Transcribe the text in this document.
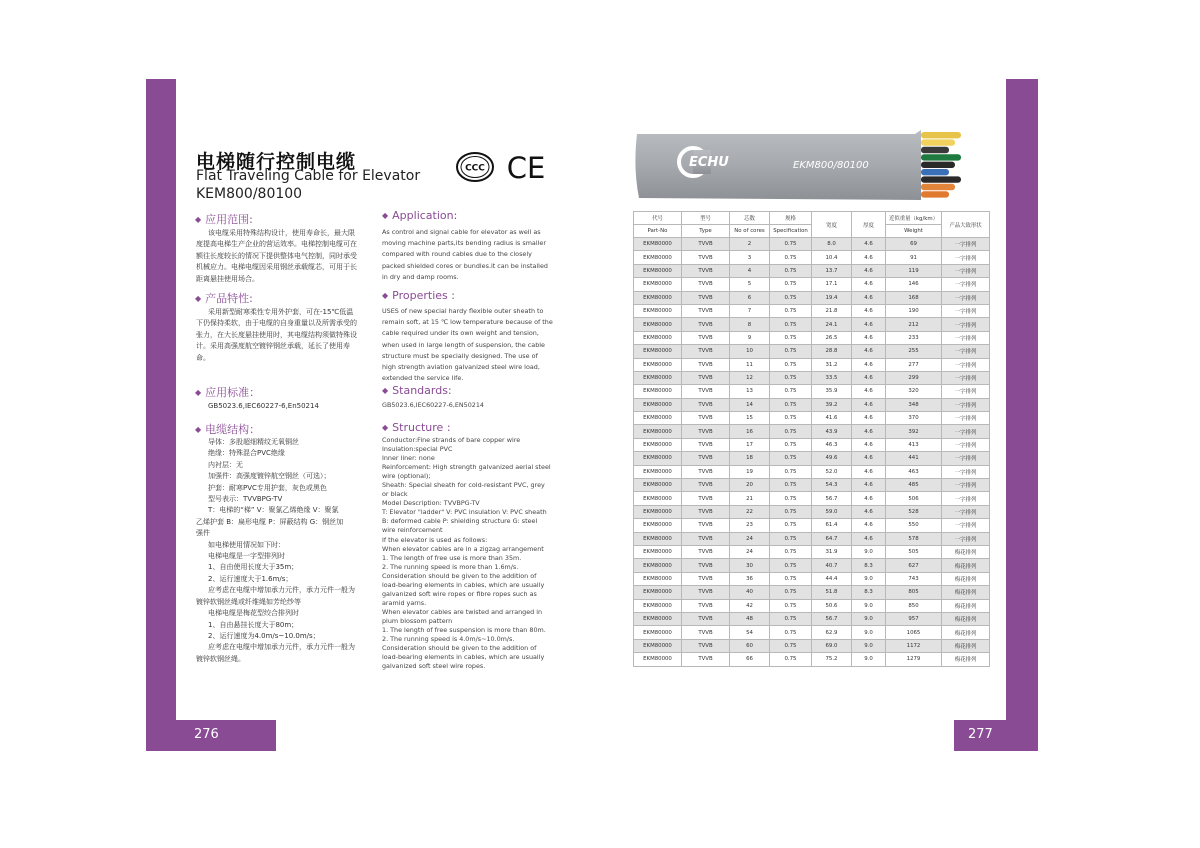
276	277
电梯随行控制电缆
Flat Traveling Cable for Elevator
KEM800/80100
CCC CE
◆ 应用范围:
该电缆采用特殊结构设计，使用寿命长，最大限
度提高电梯生产企业的营运效率。电梯控制电缆可在
额往长度较长的情况下提供整体电气控制，同时承受
机械应力。电梯电缆因采用钢丝承载缆芯，可用于长
距离悬挂使用场合。
◆ 产品特性:
采用新型耐寒柔性专用外护套，可在-15℃低温
下仍保持柔软，由于电缆的自身重量以及所需承受的
张力，在大长度悬挂使用时，其电缆结构须做特殊设
计。采用高强度航空镀锌钢丝承载，延长了使用寿
命。
◆ 应用标准：
GB5023.6,IEC60227-6,En50214
◆ 电缆结构：
导体：多股超细精纹无氧铜丝
绝缘：特殊混合PVC绝缘
内衬层：无
加强件：高强度镀锌航空钢丝（可选）；
护套：耐寒PVC专用护套，灰色或黑色
型号表示：TVVBPG-TV
T：电梯的“梯” V：聚氯乙烯绝缘 V：聚氯
乙烯护套 B：扁形电缆 P：屏蔽结构 G：钢丝加
强件
如电梯使用情况如下时：
电梯电缆是一字型排列时
1、自由使用长度大于35m；
2、运行速度大于1.6m/s；
应考虑在电缆中增加承力元件，承力元件一般为
镀锌软钢丝绳或纤维绳如芳纶纱等
电梯电缆是梅花型绞合排列时
1、自由悬挂长度大于80m；
2、运行速度为4.0m/s~10.0m/s；
应考虑在电缆中增加承力元件，承力元件一般为
镀锌软钢丝绳。
◆ Application:
As control and signal cable for elevator as well as
moving machine parts,its bending radius is smaller
compared with round cables due to the closely
packed shielded cores or bundles.it can be installed
in dry and damp rooms.
◆ Properties :
USES of new special hardy flexible outer sheath to
remain soft, at 15 ℃ low temperature because of the
cable required under its own weight and tension,
when used in large length of suspension, the cable
structure must be specially designed. The use of
high strength aviation galvanized steel wire load,
extended the service life.
◆ Standards:
GB5023.6,IEC60227-6,EN50214
◆ Structure :
Conductor:Fine strands of bare copper wire
Insulation:special PVC
Inner liner: none
Reinforcement: High strength galvanized aerial steel
wire (optional);
Sheath: Special sheath for cold-resistant PVC, grey
or black
Model Description: TVVBPG-TV
T: Elevator "ladder" V: PVC insulation V: PVC sheath
B: deformed cable P: shielding structure G: steel
wire reinforcement
If the elevator is used as follows:
When elevator cables are in a zigzag arrangement
1. The length of free use is more than 35m.
2. The running speed is more than 1.6m/s.
Consideration should be given to the addition of
load-bearing elements in cables, which are usually
galvanized soft wire ropes or fibre ropes such as
aramid yarns.
When elevator cables are twisted and arranged in
plum blossom pattern
1. The length of free suspension is more than 80m.
2. The running speed is 4.0m/s~10.0m/s.
Consideration should be given to the addition of
load-bearing elements in cables, which are usually
galvanized soft steel wire ropes.
ECHU	EKM800/80100
代号	型号	芯数	规格	宽度	厚度	近似重量（kg/km）	产品大致形状
Part-No	Type	No of cores	Specification			Weight	
EKM80000	TVVB	2	0.75	8.0	4.6	69	一字排列
EKM80000	TVVB	3	0.75	10.4	4.6	91	一字排列
EKM80000	TVVB	4	0.75	13.7	4.6	119	一字排列
EKM80000	TVVB	5	0.75	17.1	4.6	146	一字排列
EKM80000	TVVB	6	0.75	19.4	4.6	168	一字排列
EKM80000	TVVB	7	0.75	21.8	4.6	190	一字排列
EKM80000	TVVB	8	0.75	24.1	4.6	212	一字排列
EKM80000	TVVB	9	0.75	26.5	4.6	233	一字排列
EKM80000	TVVB	10	0.75	28.8	4.6	255	一字排列
EKM80000	TVVB	11	0.75	31.2	4.6	277	一字排列
EKM80000	TVVB	12	0.75	33.5	4.6	299	一字排列
EKM80000	TVVB	13	0.75	35.9	4.6	320	一字排列
EKM80000	TVVB	14	0.75	39.2	4.6	348	一字排列
EKM80000	TVVB	15	0.75	41.6	4.6	370	一字排列
EKM80000	TVVB	16	0.75	43.9	4.6	392	一字排列
EKM80000	TVVB	17	0.75	46.3	4.6	413	一字排列
EKM80000	TVVB	18	0.75	49.6	4.6	441	一字排列
EKM80000	TVVB	19	0.75	52.0	4.6	463	一字排列
EKM80000	TVVB	20	0.75	54.3	4.6	485	一字排列
EKM80000	TVVB	21	0.75	56.7	4.6	506	一字排列
EKM80000	TVVB	22	0.75	59.0	4.6	528	一字排列
EKM80000	TVVB	23	0.75	61.4	4.6	550	一字排列
EKM80000	TVVB	24	0.75	64.7	4.6	578	一字排列
EKM80000	TVVB	24	0.75	31.9	9.0	505	梅花排列
EKM80000	TVVB	30	0.75	40.7	8.3	627	梅花排列
EKM80000	TVVB	36	0.75	44.4	9.0	743	梅花排列
EKM80000	TVVB	40	0.75	51.8	8.3	805	梅花排列
EKM80000	TVVB	42	0.75	50.6	9.0	850	梅花排列
EKM80000	TVVB	48	0.75	56.7	9.0	957	梅花排列
EKM80000	TVVB	54	0.75	62.9	9.0	1065	梅花排列
EKM80000	TVVB	60	0.75	69.0	9.0	1172	梅花排列
EKM80000	TVVB	66	0.75	75.2	9.0	1279	梅花排列
